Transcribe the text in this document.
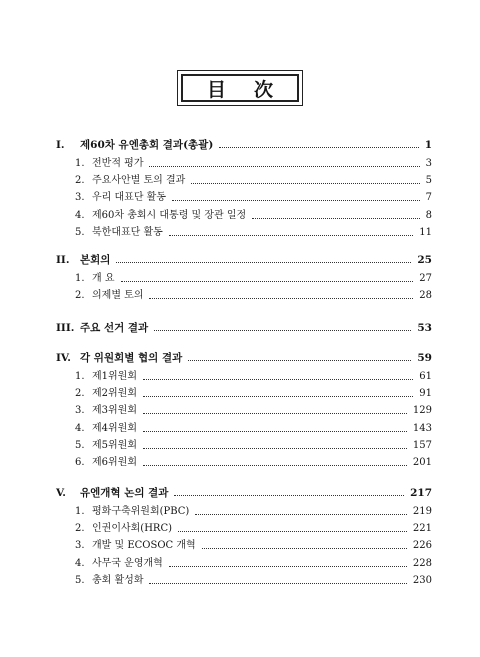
目 次
I. 제60차 유엔총회 결과(총괄)	1
1. 전반적 평가	3
2. 주요사안별 토의 결과	5
3. 우리 대표단 활동	7
4. 제60차 총회시 대통령 및 장관 일정	8
5. 북한대표단 활동	11
II. 본회의	25
1. 개 요	27
2. 의제별 토의	28
III. 주요 선거 결과	53
IV. 각 위원회별 협의 결과	59
1. 제1위원회	61
2. 제2위원회	91
3. 제3위원회	129
4. 제4위원회	143
5. 제5위원회	157
6. 제6위원회	201
V. 유엔개혁 논의 결과	217
1. 평화구축위원회(PBC)	219
2. 인권이사회(HRC)	221
3. 개발 및 ECOSOC 개혁	226
4. 사무국 운영개혁	228
5. 총회 활성화	230
